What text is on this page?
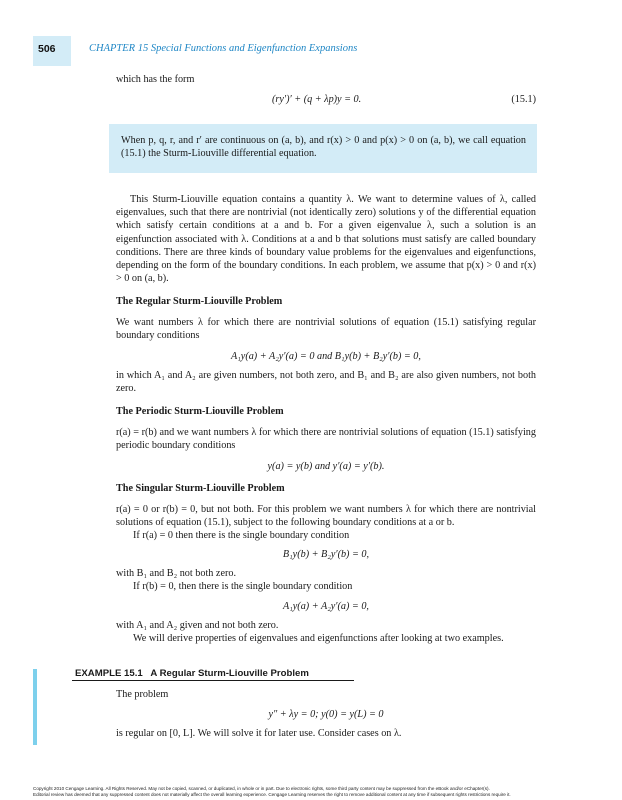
506	CHAPTER 15 Special Functions and Eigenfunction Expansions

which has the form

(ry′)′ + (q + λp)y = 0.	(15.1)

When p, q, r, and r′ are continuous on (a, b), and r(x) > 0 and p(x) > 0 on (a, b), we call equation (15.1) the Sturm-Liouville differential equation.

This Sturm-Liouville equation contains a quantity λ. We want to determine values of λ, called eigenvalues, such that there are nontrivial (not identically zero) solutions y of the differential equation which satisfy certain conditions at a and b. For a given eigenvalue λ, such a solution is an eigenfunction associated with λ. Conditions at a and b that solutions must satisfy are called boundary conditions. There are three kinds of boundary value problems for the eigenvalues and eigenfunctions, depending on the form of the boundary conditions. In each problem, we assume that p(x) > 0 and r(x) > 0 on (a, b).

The Regular Sturm-Liouville Problem

We want numbers λ for which there are nontrivial solutions of equation (15.1) satisfying regular boundary conditions

A₁y(a) + A₂y′(a) = 0 and B₁y(b) + B₂y′(b) = 0,

in which A₁ and A₂ are given numbers, not both zero, and B₁ and B₂ are also given numbers, not both zero.

The Periodic Sturm-Liouville Problem

r(a) = r(b) and we want numbers λ for which there are nontrivial solutions of equation (15.1) satisfying periodic boundary conditions

y(a) = y(b) and y′(a) = y′(b).

The Singular Sturm-Liouville Problem

r(a) = 0 or r(b) = 0, but not both. For this problem we want numbers λ for which there are nontrivial solutions of equation (15.1), subject to the following boundary conditions at a or b.

If r(a) = 0 then there is the single boundary condition

B₁y(b) + B₂y′(b) = 0,

with B₁ and B₂ not both zero.

If r(b) = 0, then there is the single boundary condition

A₁y(a) + A₂y′(a) = 0,

with A₁ and A₂ given and not both zero.

We will derive properties of eigenvalues and eigenfunctions after looking at two examples.

EXAMPLE 15.1 A Regular Sturm-Liouville Problem

The problem

y″ + λy = 0; y(0) = y(L) = 0

is regular on [0, L]. We will solve it for later use. Consider cases on λ.

Copyright 2010 Cengage Learning. All Rights Reserved. May not be copied, scanned, or duplicated, in whole or in part. Due to electronic rights, some third party content may be suppressed from the eBook and/or eChapter(s).

Editorial review has deemed that any suppressed content does not materially affect the overall learning experience. Cengage Learning reserves the right to remove additional content at any time if subsequent rights restrictions require it.
